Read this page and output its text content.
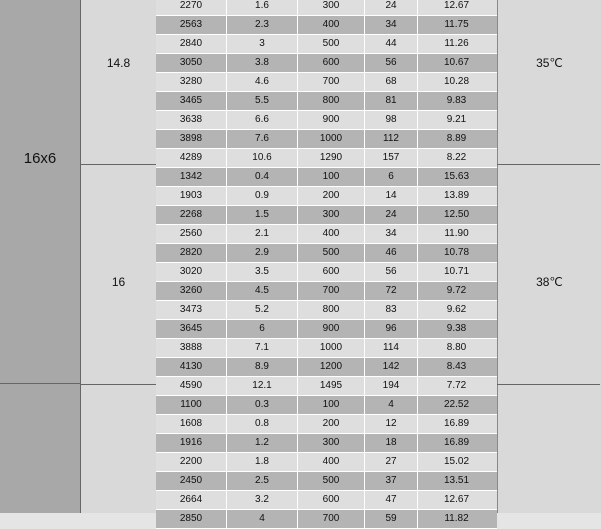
16x6
14.8
16
35℃
38℃
2270	1.6	300	24	12.67
2563	2.3	400	34	11.75
2840	3	500	44	11.26
3050	3.8	600	56	10.67
3280	4.6	700	68	10.28
3465	5.5	800	81	9.83
3638	6.6	900	98	9.21
3898	7.6	1000	112	8.89
4289	10.6	1290	157	8.22
1342	0.4	100	6	15.63
1903	0.9	200	14	13.89
2268	1.5	300	24	12.50
2560	2.1	400	34	11.90
2820	2.9	500	46	10.78
3020	3.5	600	56	10.71
3260	4.5	700	72	9.72
3473	5.2	800	83	9.62
3645	6	900	96	9.38
3888	7.1	1000	114	8.80
4130	8.9	1200	142	8.43
4590	12.1	1495	194	7.72
1100	0.3	100	4	22.52
1608	0.8	200	12	16.89
1916	1.2	300	18	16.89
2200	1.8	400	27	15.02
2450	2.5	500	37	13.51
2664	3.2	600	47	12.67
2850	4	700	59	11.82
